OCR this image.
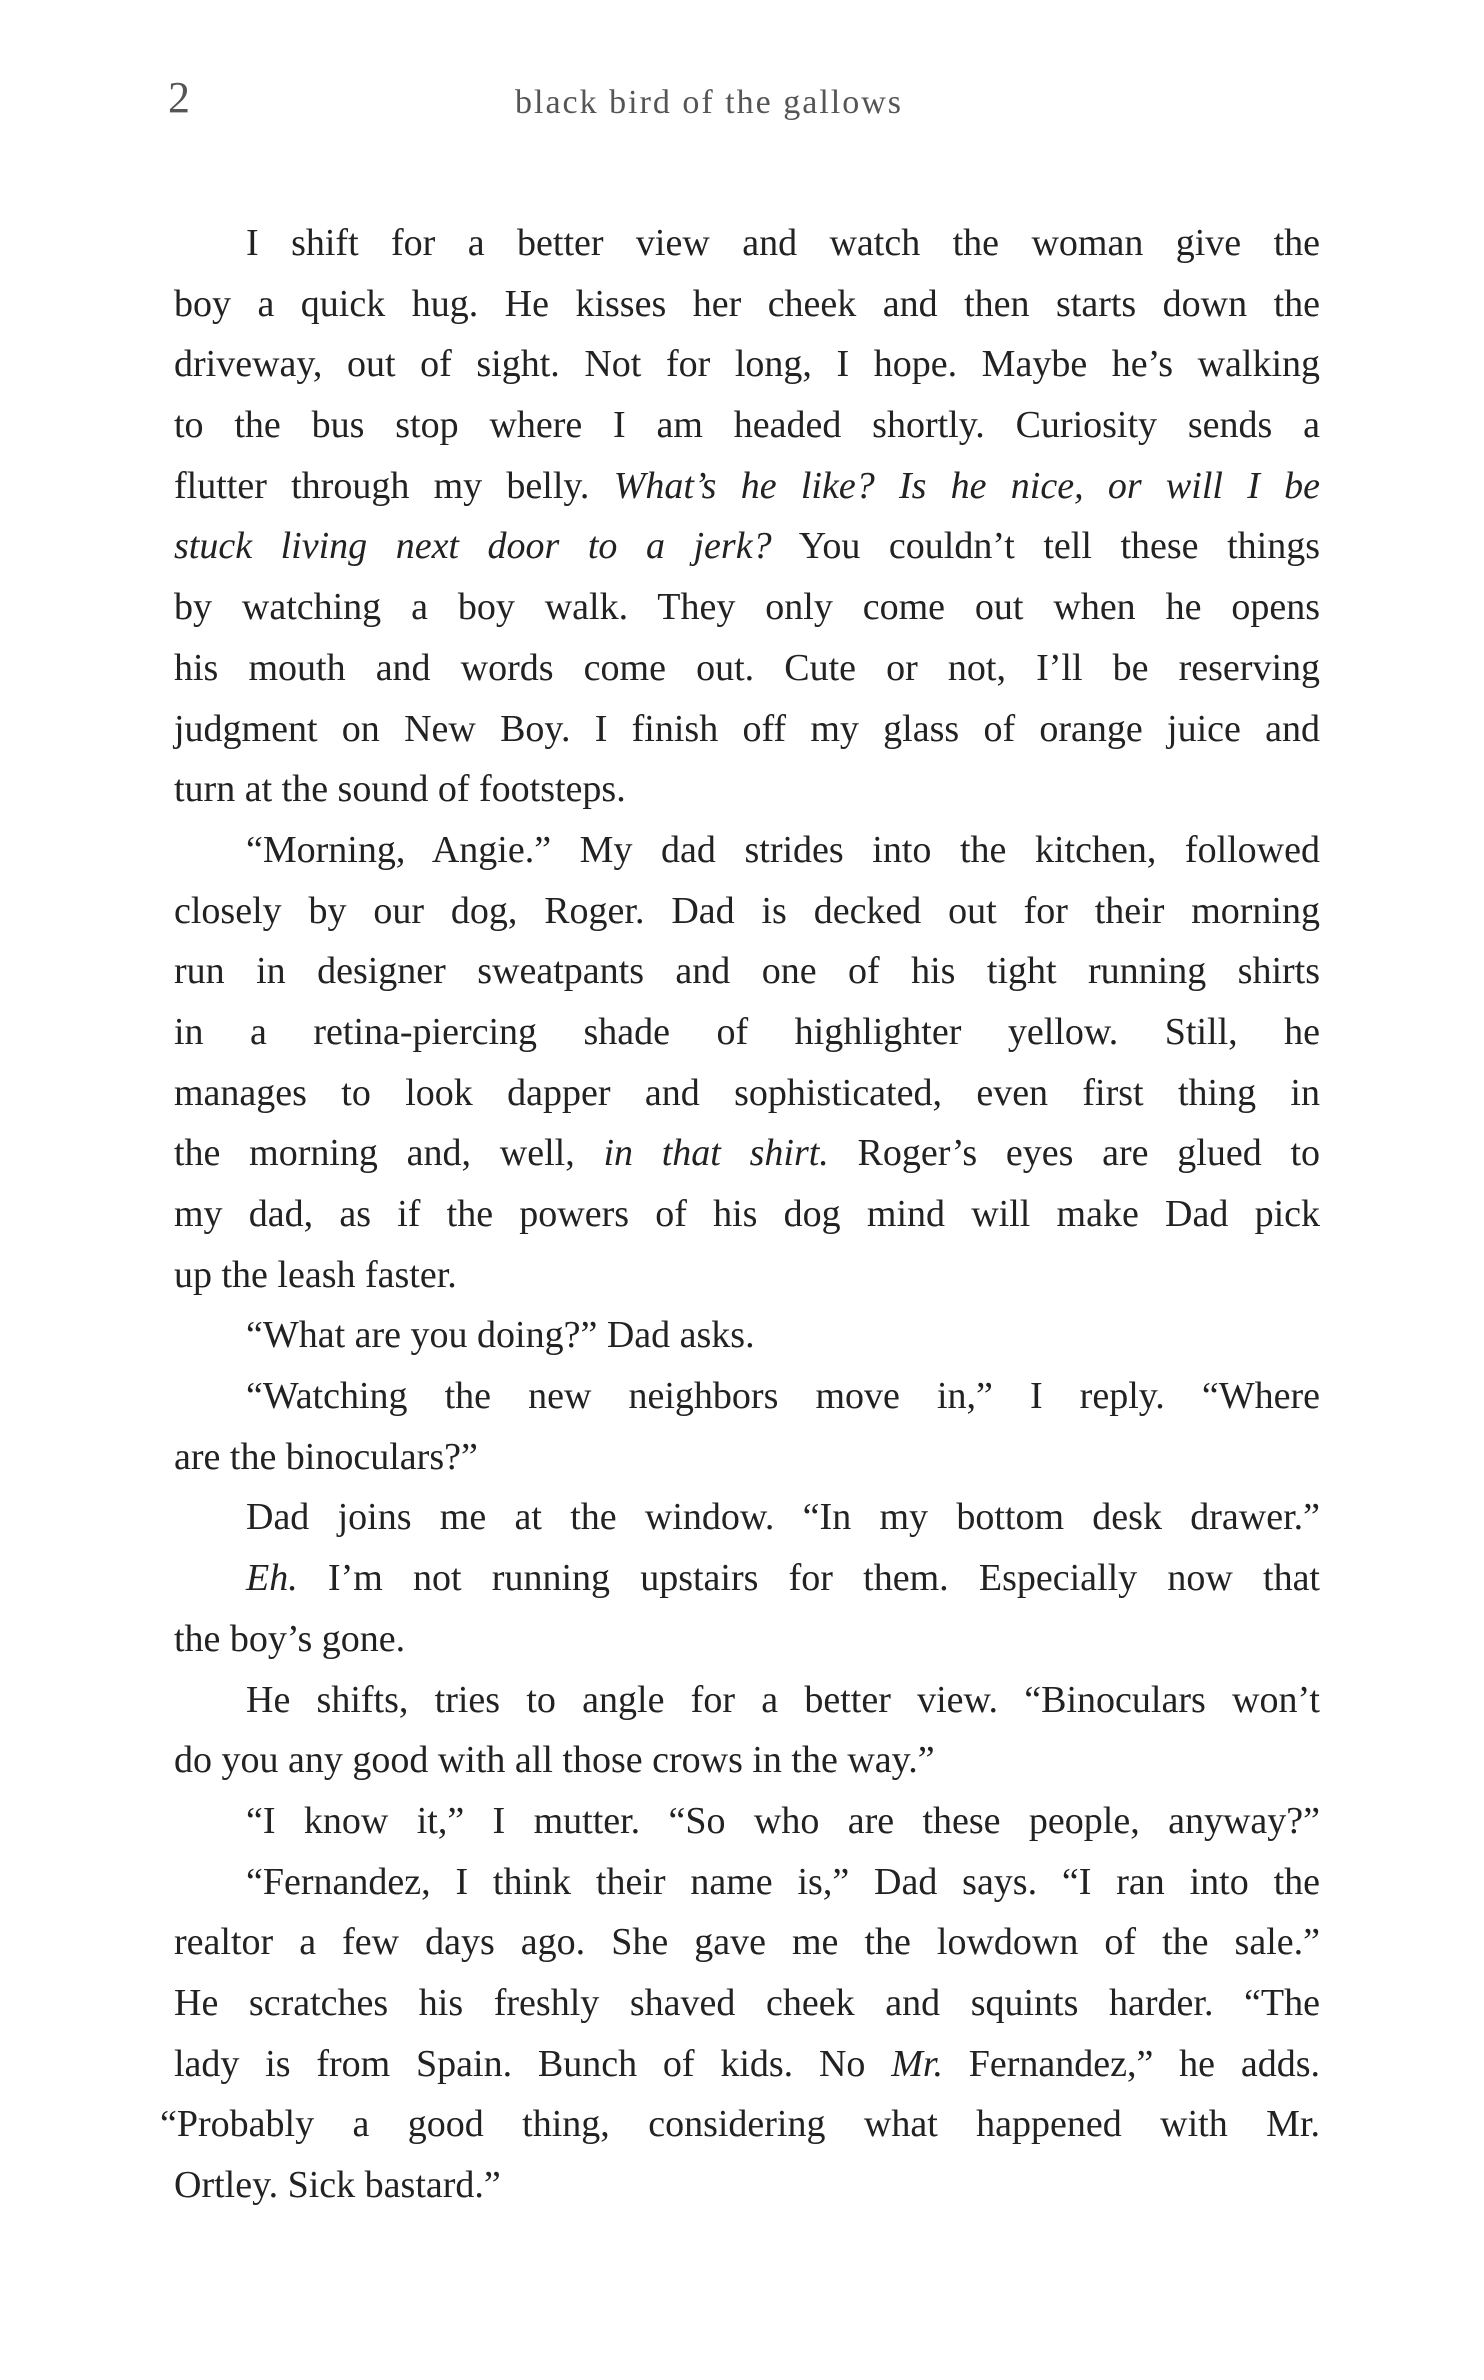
2	black bird of the gallows
I shift for a better view and watch the woman give the
boy a quick hug. He kisses her cheek and then starts down the
driveway, out of sight. Not for long, I hope. Maybe he’s walking
to the bus stop where I am headed shortly. Curiosity sends a
flutter through my belly. What’s he like? Is he nice, or will I be
stuck living next door to a jerk? You couldn’t tell these things
by watching a boy walk. They only come out when he opens
his mouth and words come out. Cute or not, I’ll be reserving
judgment on New Boy. I finish off my glass of orange juice and
turn at the sound of footsteps.
“Morning, Angie.” My dad strides into the kitchen, followed
closely by our dog, Roger. Dad is decked out for their morning
run in designer sweatpants and one of his tight running shirts
in a retina-piercing shade of highlighter yellow. Still, he
manages to look dapper and sophisticated, even first thing in
the morning and, well, in that shirt. Roger’s eyes are glued to
my dad, as if the powers of his dog mind will make Dad pick
up the leash faster.
“What are you doing?” Dad asks.
“Watching the new neighbors move in,” I reply. “Where
are the binoculars?”
Dad joins me at the window. “In my bottom desk drawer.”
Eh. I’m not running upstairs for them. Especially now that
the boy’s gone.
He shifts, tries to angle for a better view. “Binoculars won’t
do you any good with all those crows in the way.”
“I know it,” I mutter. “So who are these people, anyway?”
“Fernandez, I think their name is,” Dad says. “I ran into the
realtor a few days ago. She gave me the lowdown of the sale.”
He scratches his freshly shaved cheek and squints harder. “The
lady is from Spain. Bunch of kids. No Mr. Fernandez,” he adds.
“Probably a good thing, considering what happened with Mr.
Ortley. Sick bastard.”
